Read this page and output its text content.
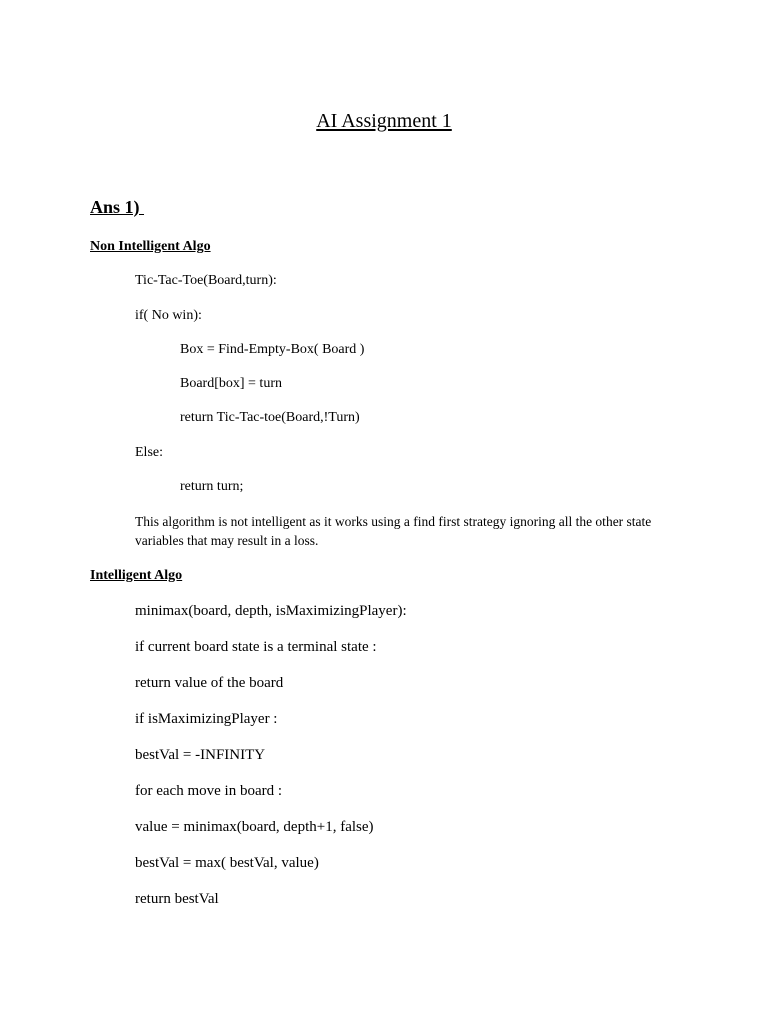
AI Assignment 1
Ans 1)
Non Intelligent Algo
Tic-Tac-Toe(Board,turn):
if( No win):
Box = Find-Empty-Box( Board )
Board[box] = turn
return Tic-Tac-toe(Board,!Turn)
Else:
return turn;
This algorithm is not intelligent as it works using a find first strategy ignoring all the other state variables that may result in a loss.
Intelligent Algo
minimax(board, depth, isMaximizingPlayer):
if current board state is a terminal state :
return value of the board
if isMaximizingPlayer :
bestVal = -INFINITY
for each move in board :
value = minimax(board, depth+1, false)
bestVal = max( bestVal, value)
return bestVal
